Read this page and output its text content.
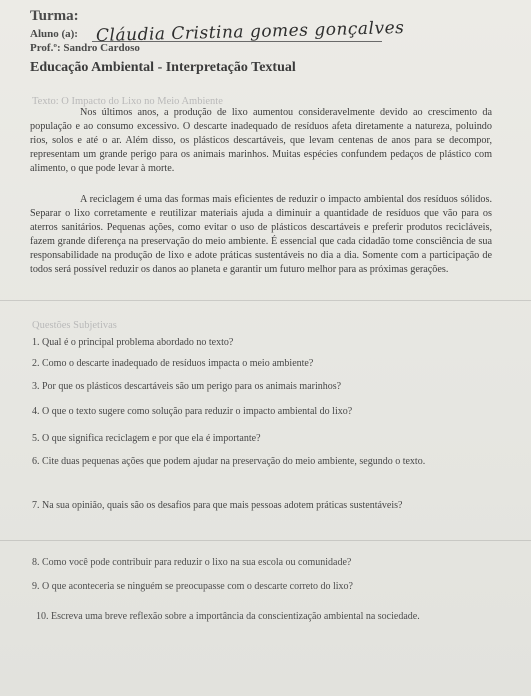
Turma:
Aluno (a): Cláudia Cristina gomes gonçalves
Prof.º: Sandro Cardoso
Educação Ambiental - Interpretação Textual
Texto: O Impacto do Lixo no Meio Ambiente

Nos últimos anos, a produção de lixo aumentou consideravelmente devido ao crescimento da população e ao consumo excessivo. O descarte inadequado de resíduos afeta diretamente a natureza, poluindo rios, solos e até o ar. Além disso, os plásticos descartáveis, que levam centenas de anos para se decompor, representam um grande perigo para os animais marinhos. Muitas espécies confundem pedaços de plástico com alimento, o que pode levar à morte.

A reciclagem é uma das formas mais eficientes de reduzir o impacto ambiental dos resíduos sólidos. Separar o lixo corretamente e reutilizar materiais ajuda a diminuir a quantidade de resíduos que vão para os aterros sanitários. Pequenas ações, como evitar o uso de plásticos descartáveis e preferir produtos recicláveis, fazem grande diferença na preservação do meio ambiente. É essencial que cada cidadão tome consciência de sua responsabilidade na produção de lixo e adote práticas sustentáveis no dia a dia. Somente com a participação de todos será possível reduzir os danos ao planeta e garantir um futuro melhor para as próximas gerações.

Questões Subjetivas
1. Qual é o principal problema abordado no texto?
2. Como o descarte inadequado de resíduos impacta o meio ambiente?
3. Por que os plásticos descartáveis são um perigo para os animais marinhos?
4. O que o texto sugere como solução para reduzir o impacto ambiental do lixo?
5. O que significa reciclagem e por que ela é importante?
6. Cite duas pequenas ações que podem ajudar na preservação do meio ambiente, segundo o texto.
7. Na sua opinião, quais são os desafios para que mais pessoas adotem práticas sustentáveis?
8. Como você pode contribuir para reduzir o lixo na sua escola ou comunidade?
9. O que aconteceria se ninguém se preocupasse com o descarte correto do lixo?
10. Escreva uma breve reflexão sobre a importância da conscientização ambiental na sociedade.
